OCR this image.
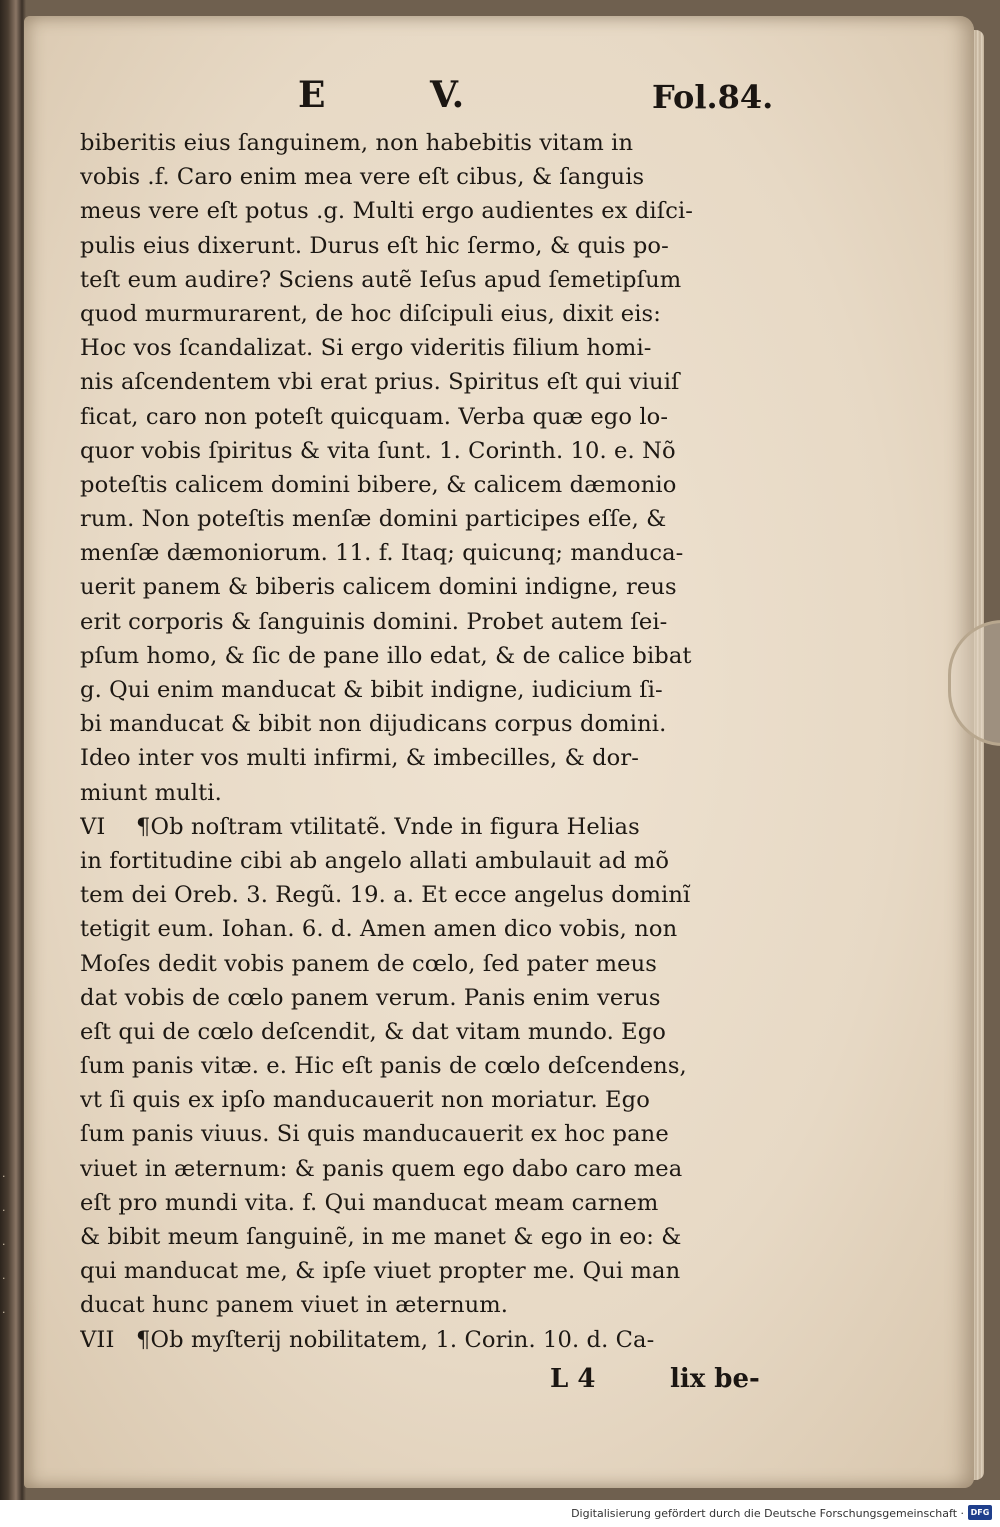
·
·
·
·
·
E	V.	Fol.84.
biberitis eius ſanguinem, non habebitis vitam in
vobis .f. Caro enim mea vere eſt cibus, & ſanguis
meus vere eſt potus .g. Multi ergo audientes ex diſci-
pulis eius dixerunt. Durus eſt hic ſermo, & quis po-
teſt eum audire? Sciens autẽ Ieſus apud ſemetipſum
quod murmurarent, de hoc diſcipuli eius, dixit eis:
Hoc vos ſcandalizat. Si ergo videritis filium homi-
nis aſcendentem vbi erat prius. Spiritus eſt qui viuiſ
ficat, caro non poteſt quicquam. Verba quæ ego lo-
quor vobis ſpiritus & vita ſunt. 1. Corinth. 10. e. Nõ
poteſtis calicem domini bibere, & calicem dæmonio
rum. Non poteſtis menſæ domini participes eſſe, &
menſæ dæmoniorum. 11. f. Itaq; quicunq; manduca-
uerit panem & biberis calicem domini indigne, reus
erit corporis & ſanguinis domini. Probet autem ſei-
pſum homo, & ſic de pane illo edat, & de calice bibat
g. Qui enim manducat & bibit indigne, iudicium ſi-
bi manducat & bibit non dijudicans corpus domini.
Ideo inter vos multi infirmi, & imbecilles, & dor-
miunt multi.
VI ¶Ob noſtram vtilitatẽ. Vnde in figura Helias
in fortitudine cibi ab angelo allati ambulauit ad mõ
tem dei Oreb. 3. Regũ. 19. a. Et ecce angelus dominĩ
tetigit eum. Iohan. 6. d. Amen amen dico vobis, non
Moſes dedit vobis panem de cœlo, ſed pater meus
dat vobis de cœlo panem verum. Panis enim verus
eſt qui de cœlo deſcendit, & dat vitam mundo. Ego
ſum panis vitæ. e. Hic eſt panis de cœlo deſcendens,
vt ſi quis ex ipſo manducauerit non moriatur. Ego
ſum panis viuus. Si quis manducauerit ex hoc pane
viuet in æternum: & panis quem ego dabo caro mea
eſt pro mundi vita. f. Qui manducat meam carnem
& bibit meum ſanguinẽ, in me manet & ego in eo: &
qui manducat me, & ipſe viuet propter me. Qui man
ducat hunc panem viuet in æternum.
VII ¶Ob myſterij nobilitatem, 1. Corin. 10. d. Ca-
L 4	lix be-
Digitalisierung gefördert durch die Deutsche Forschungsgemeinschaft · DFG
